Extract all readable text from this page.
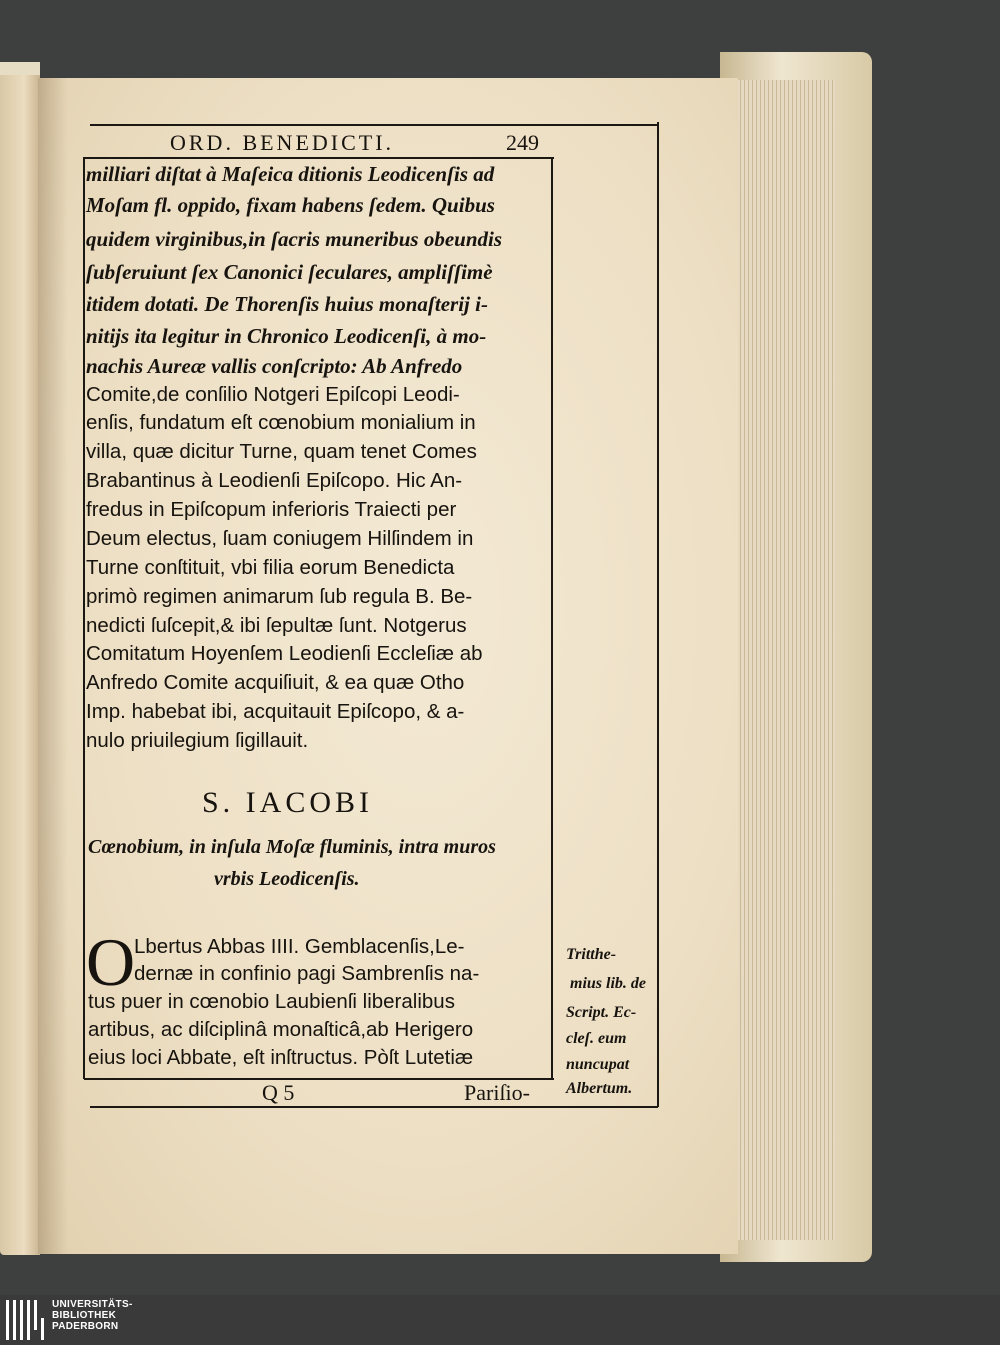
ORD. BENEDICTI.	249
milliari diſtat à Maſeica ditionis Leodicenſis ad
Moſam fl. oppido, fixam habens ſedem. Quibus
quidem virginibus,in ſacris muneribus obeundis
ſubſeruiunt ſex Canonici ſeculares, ampliſſimè
itidem dotati. De Thorenſis huius monaſterij i-
nitijs ita legitur in Chronico Leodicenſi, à mo-
nachis Aureæ vallis conſcripto: Ab Anfredo
Comite,de conſilio Notgeri Epiſcopi Leodi-
enſis, fundatum eſt cœnobium monialium in
villa, quæ dicitur Turne, quam tenet Comes
Brabantinus à Leodienſi Epiſcopo. Hic An-
fredus in Epiſcopum inferioris Traiecti per
Deum electus, ſuam coniugem Hilſindem in
Turne conſtituit, vbi filia eorum Benedicta
primò regimen animarum ſub regula B. Be-
nedicti ſuſcepit,& ibi ſepultæ ſunt. Notgerus
Comitatum Hoyenſem Leodienſi Eccleſiæ ab
Anfredo Comite acquiſiuit, & ea quæ Otho
Imp. habebat ibi, acquitauit Epiſcopo, & a-
nulo priuilegium ſigillauit.
S. IACOBI
Cœnobium, in inſula Moſæ fluminis, intra muros
vrbis Leodicenſis.
O
Lbertus Abbas IIII. Gemblacenſis,Le-
dernæ in confinio pagi Sambrenſis na-
tus puer in cœnobio Laubienſi liberalibus
artibus, ac diſciplinâ monaſticâ,ab Herigero
eius loci Abbate, eſt inſtructus. Pòſt Lutetiæ
Tritthe-
mius lib. de
Script. Ec-
cleſ. eum
nuncupat
Albertum.
Q 5	Pariſio-
UNIVERSITÄTS-
BIBLIOTHEK
PADERBORN
